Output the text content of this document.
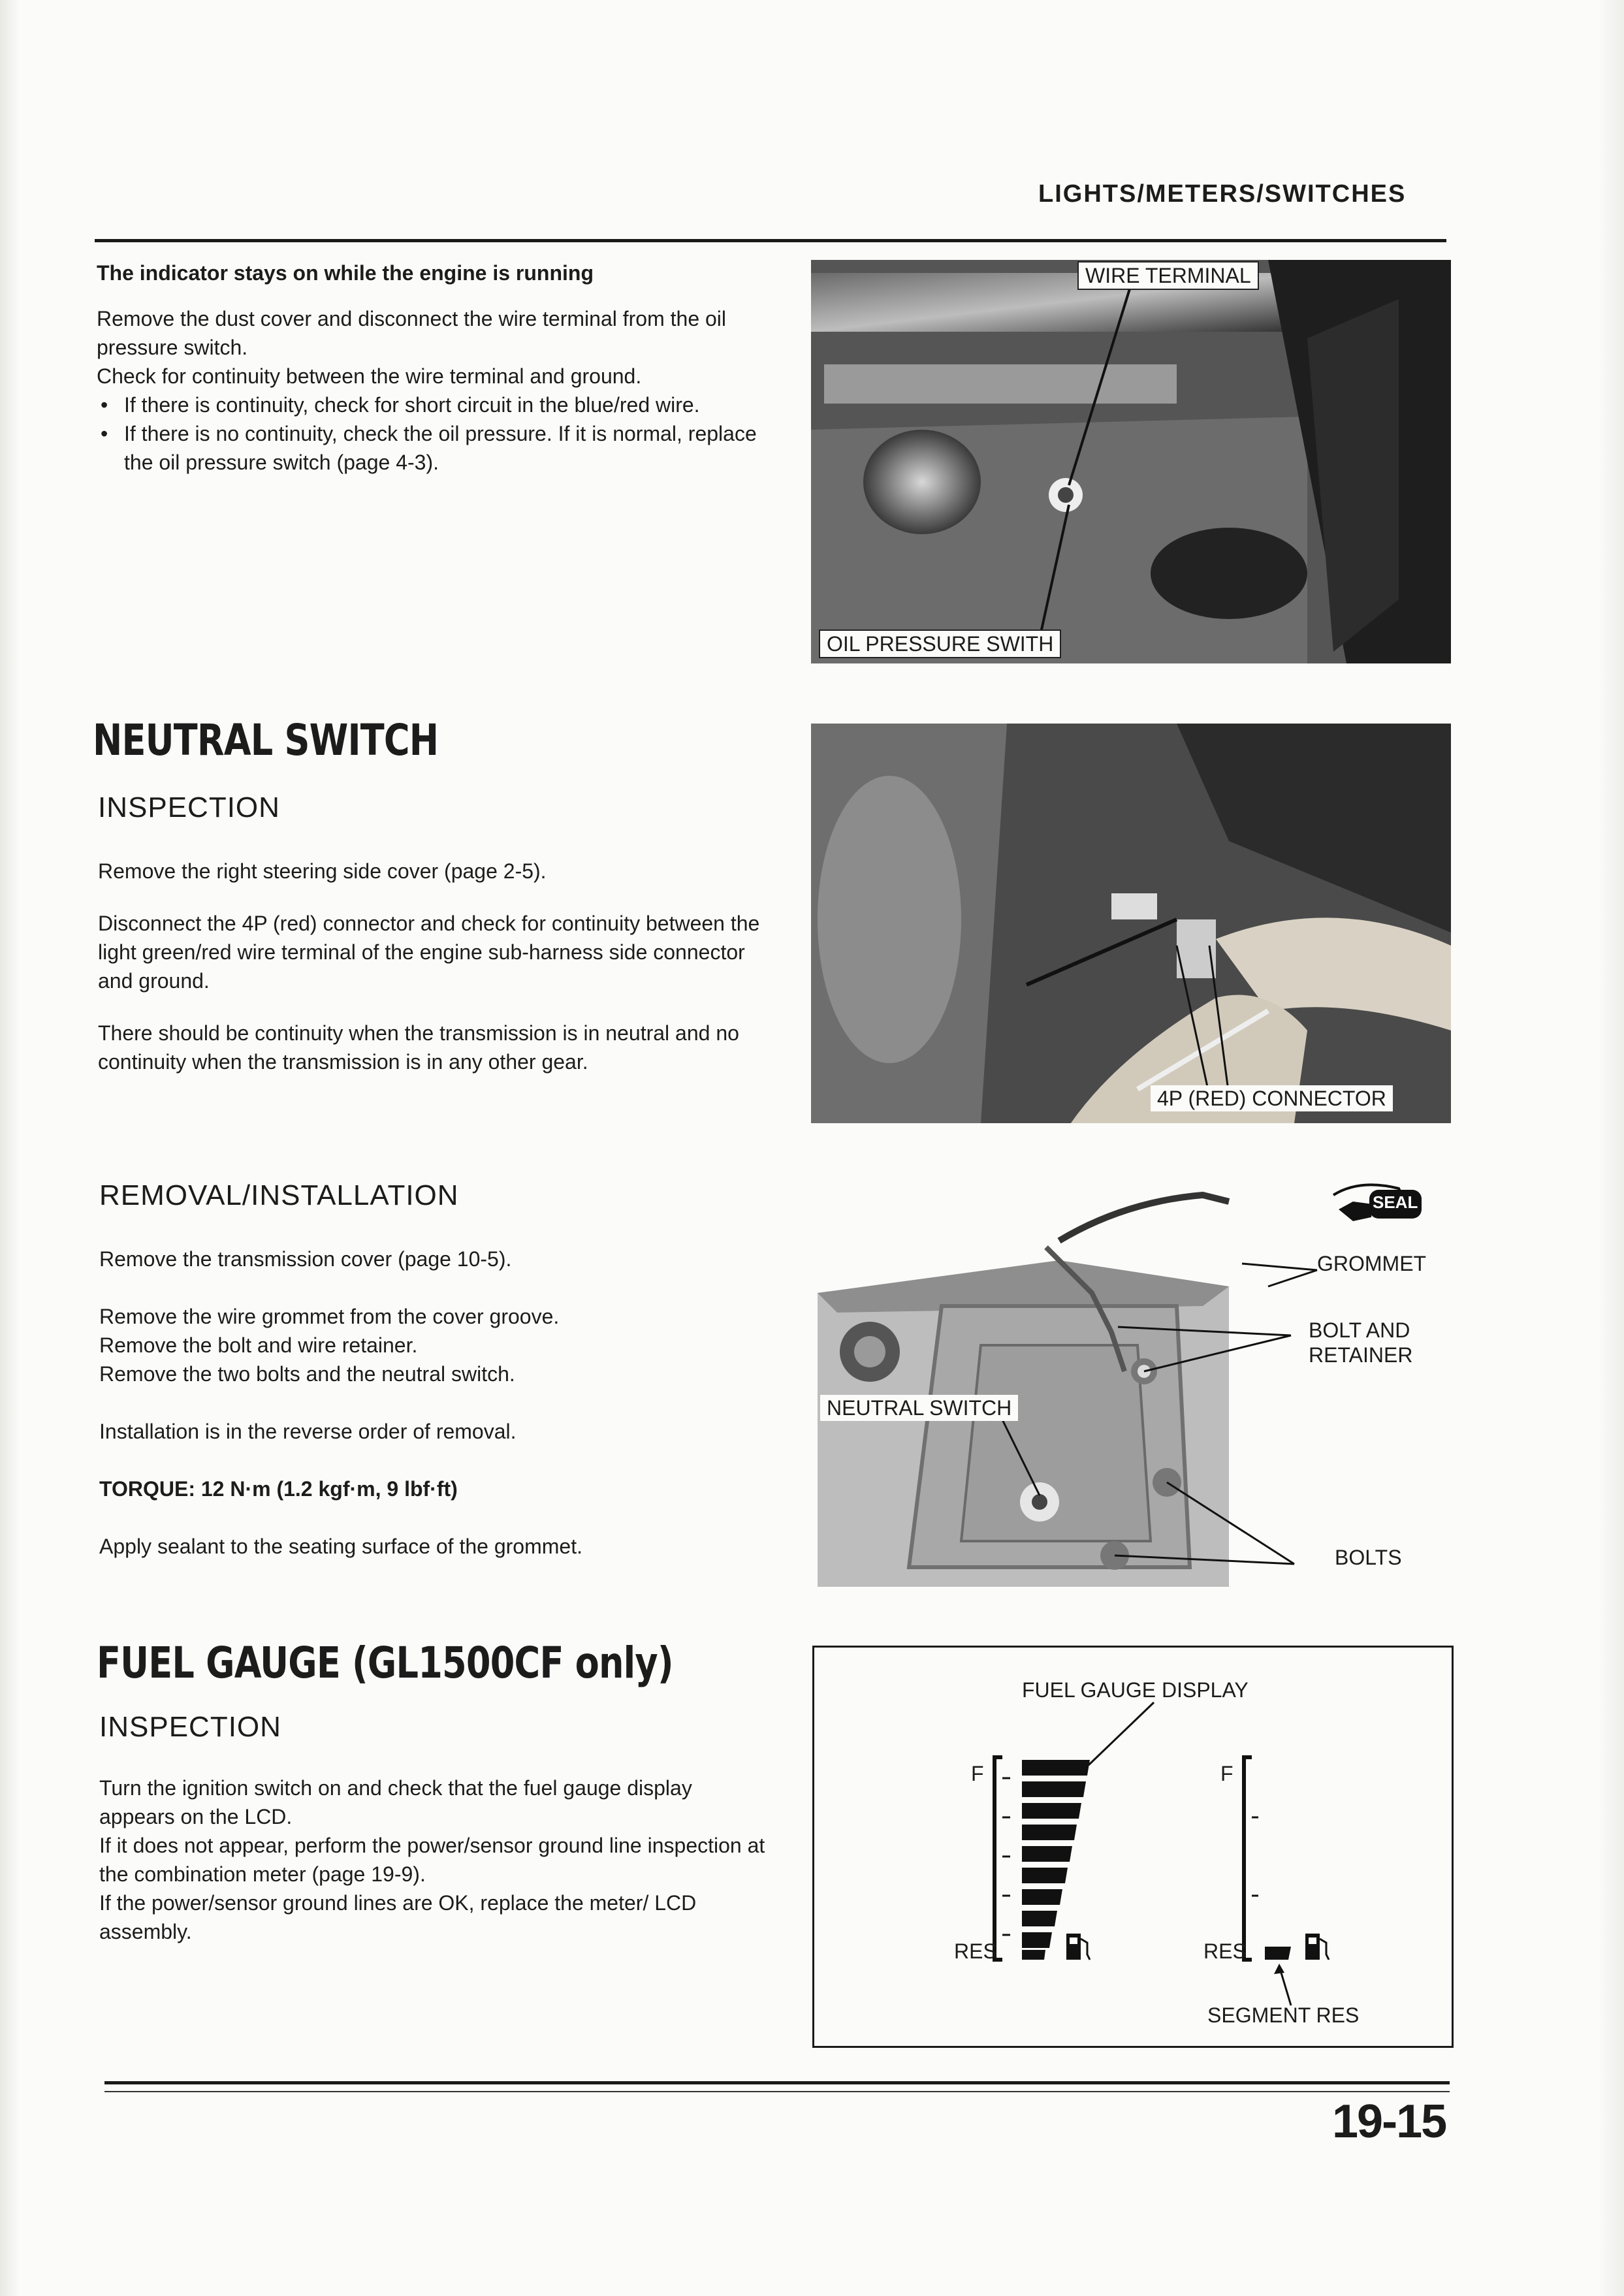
LIGHTS/METERS/SWITCHES
The indicator stays on while the engine is running
Remove the dust cover and disconnect the wire terminal from the oil pressure switch.
Check for continuity between the wire terminal and ground.
• If there is continuity, check for short circuit in the blue/red wire.
• If there is no continuity, check the oil pressure. If it is normal, replace the oil pressure switch (page 4-3).
WIRE TERMINAL
OIL PRESSURE SWITH
NEUTRAL SWITCH
INSPECTION
Remove the right steering side cover (page 2-5).
Disconnect the 4P (red) connector and check for continuity between the light green/red wire terminal of the engine sub-harness side connector and ground.
There should be continuity when the transmission is in neutral and no continuity when the transmission is in any other gear.
4P (RED) CONNECTOR
REMOVAL/INSTALLATION
Remove the transmission cover (page 10-5).
Remove the wire grommet from the cover groove.
Remove the bolt and wire retainer.
Remove the two bolts and the neutral switch.
Installation is in the reverse order of removal.
TORQUE: 12 N·m (1.2 kgf·m, 9 lbf·ft)
Apply sealant to the seating surface of the grommet.
SEAL
GROMMET
BOLT AND
RETAINER
NEUTRAL SWITCH
BOLTS
FUEL GAUGE (GL1500CF only)
INSPECTION
Turn the ignition switch on and check that the fuel gauge display appears on the LCD.
If it does not appear, perform the power/sensor ground line inspection at the combination meter (page 19-9).
If the power/sensor ground lines are OK, replace the meter/ LCD assembly.
FUEL GAUGE DISPLAY
F
RES
F
RES
SEGMENT RES
19-15
